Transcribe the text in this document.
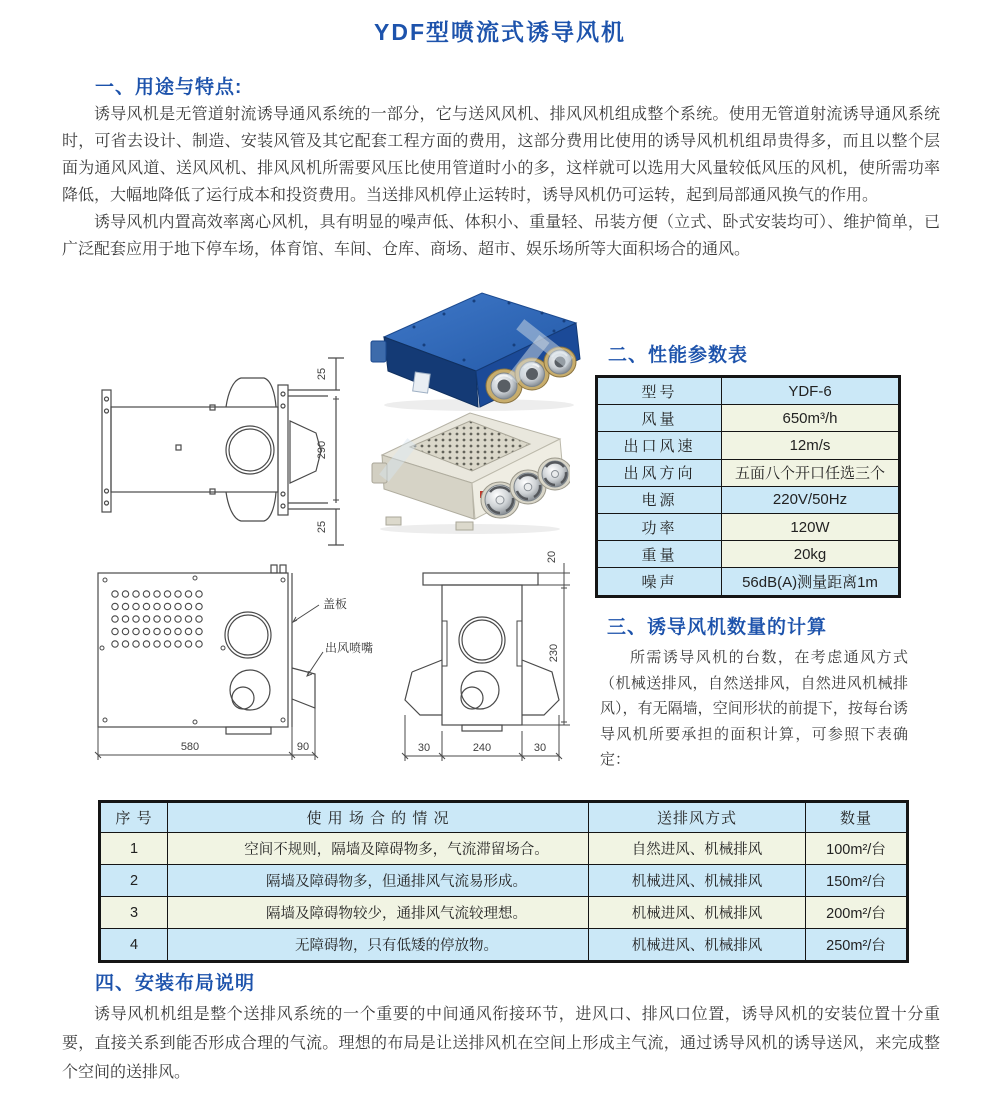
YDF型喷流式诱导风机
一、用途与特点:

诱导风机是无管道射流诱导通风系统的一部分，它与送风风机、排风风机组成整个系统。使用无管道射流诱导通风系统时，可省去设计、制造、安装风管及其它配套工程方面的费用，这部分费用比使用的诱导风机机组昂贵得多，而且以整个层面为通风风道、送风风机、排风风机所需要风压比使用管道时小的多，这样就可以选用大风量较低风压的风机，使所需功率降低，大幅地降低了运行成本和投资费用。当送排风机停止运转时，诱导风机仍可运转，起到局部通风换气的作用。

诱导风机内置高效率离心风机，具有明显的噪声低、体积小、重量轻、吊装方便（立式、卧式安装均可）、维护简单，已广泛配套应用于地下停车场，体育馆、车间、仓库、商场、超市、娱乐场所等大面积场合的通风。

二、性能参数表
型号	YDF-6
风量	650m³/h
出口风速	12m/s
出风方向	五面八个开口任选三个
电源	220V/50Hz
功率	120W
重量	20kg
噪声	56dB(A)测量距离1m
25
290
25
盖板
出风喷嘴
580	90
20
230
30	240	30
三、诱导风机数量的计算

所需诱导风机的台数，在考虑通风方式（机械送排风，自然送排风，自然进风机械排风），有无隔墙，空间形状的前提下，按每台诱导风机所要承担的面积计算，可参照下表确定：

序 号	使 用 场 合 的 情 况	送排风方式	数量
1	空间不规则，隔墙及障碍物多，气流滞留场合。	自然进风、机械排风	100m²/台
2	隔墙及障碍物多，但通排风气流易形成。	机械进风、机械排风	150m²/台
3	隔墙及障碍物较少，通排风气流较理想。	机械进风、机械排风	200m²/台
4	无障碍物，只有低矮的停放物。	机械进风、机械排风	250m²/台
四、安装布局说明

诱导风机机组是整个送排风系统的一个重要的中间通风衔接环节，进风口、排风口位置，诱导风机的安装位置十分重要，直接关系到能否形成合理的气流。理想的布局是让送排风机在空间上形成主气流，通过诱导风机的诱导送风，来完成整个空间的送排风。
